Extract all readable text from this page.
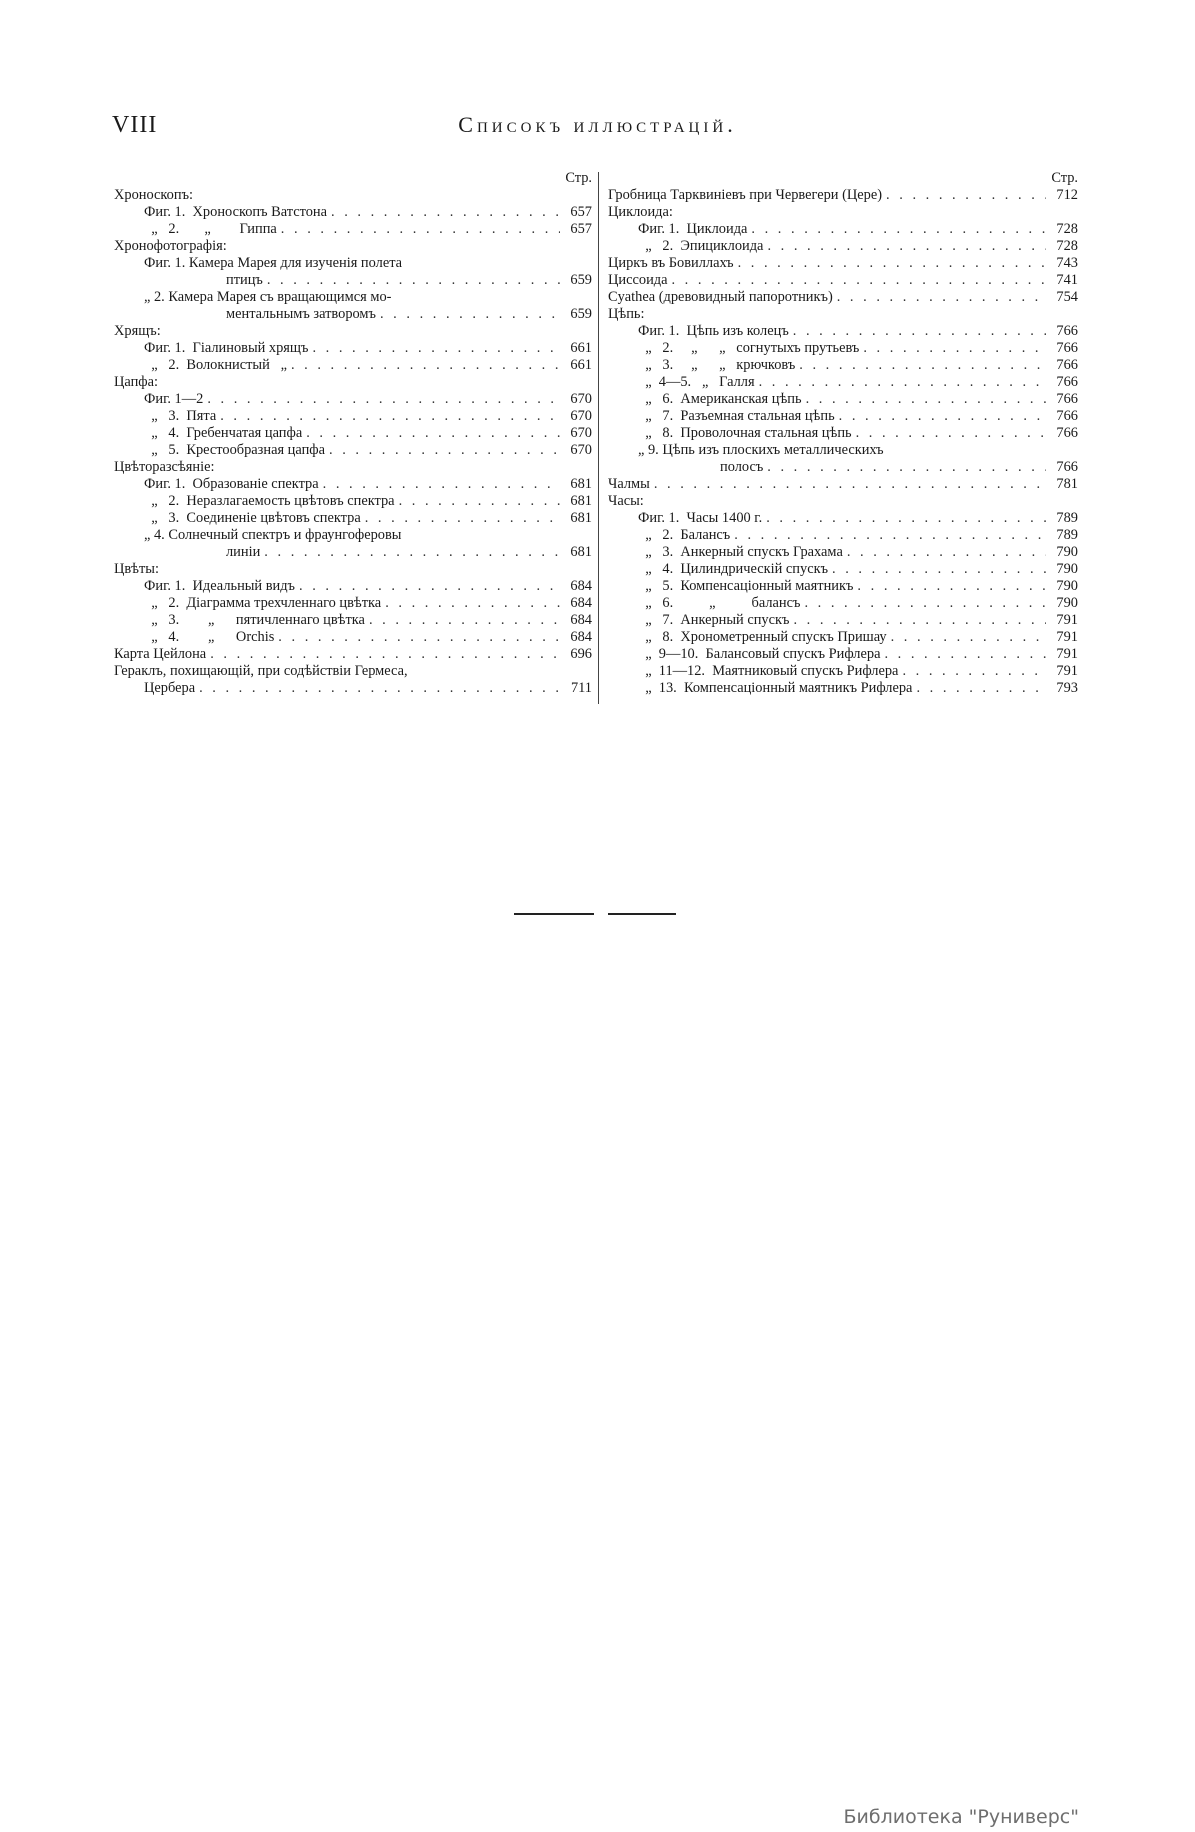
VIII	Списокъ иллюстрацій.
Стр.
Хроноскопъ:
Фиг. 1.  Хроноскопъ Ватстона . . .	657
„   2.       „        Гиппа . . .	657
Хронофотографія:
Фиг. 1. Камера Марея для изученія полета
птицъ . . .	659
„ 2. Камера Марея съ вращающимся мо-
ментальнымъ затворомъ . . .	659
Хрящъ:
Фиг. 1.  Гіалиновый хрящъ . . .	661
„   2.  Волокнистый   „ . . .	661
Цапфа:
Фиг. 1—2 . . .	670
„   3.  Пята . . .	670
„   4.  Гребенчатая цапфа . . .	670
„   5.  Крестообразная цапфа . . .	670
Цвѣторазсѣяніе:
Фиг. 1.  Образованіе спектра . . .	681
„   2.  Неразлагаемость цвѣтовъ спектра . . .	681
„   3.  Соединеніе цвѣтовъ спектра . . .	681
„ 4. Солнечный спектръ и фраунгоферовы
линіи . . .	681
Цвѣты:
Фиг. 1.  Идеальный видъ . . .	684
„   2.  Діаграмма трехчленнаго цвѣтка . . .	684
„   3.        „      пятичленнаго цвѣтка . . .	684
„   4.        „      Orchis . . .	684
Карта Цейлона . . .	696
Гераклъ, похищающій, при содѣйствіи Гермеса,
Цербера . . .	711
Стр.
Гробница Тарквиніевъ при Червегери (Цере) . . .	712
Циклоида:
Фиг. 1.  Циклоида . . .	728
„   2.  Эпициклоида . . .	728
Циркъ въ Бовиллахъ . . .	743
Циссоида . . .	741
Cyathea (древовидный папоротникъ) . . .	754
Цѣпь:
Фиг. 1.  Цѣпь изъ колецъ . . .	766
„   2.     „      „   согнутыхъ прутьевъ . . .	766
„   3.     „      „   крючковъ . . .	766
„  4—5.   „   Галля . . .	766
„   6.  Американская цѣпь . . .	766
„   7.  Разъемная стальная цѣпь . . .	766
„   8.  Проволочная стальная цѣпь . . .	766
„ 9. Цѣпь изъ плоскихъ металлическихъ
полосъ . . .	766
Чалмы . . .	781
Часы:
Фиг. 1.  Часы 1400 г. . . .	789
„   2.  Балансъ . . .	789
„   3.  Анкерный спускъ Грахама . . .	790
„   4.  Цилиндрическій спускъ . . .	790
„   5.  Компенсаціонный маятникъ . . .	790
„   6.          „          балансъ . . .	790
„   7.  Анкерный спускъ . . .	791
„   8.  Хронометренный спускъ Пришау . . .	791
„  9—10.  Балансовый спускъ Рифлера . . .	791
„  11—12.  Маятниковый спускъ Рифлера . . .	791
„  13.  Компенсаціонный маятникъ Рифлера . . .	793
Библиотека "Руниверс"
